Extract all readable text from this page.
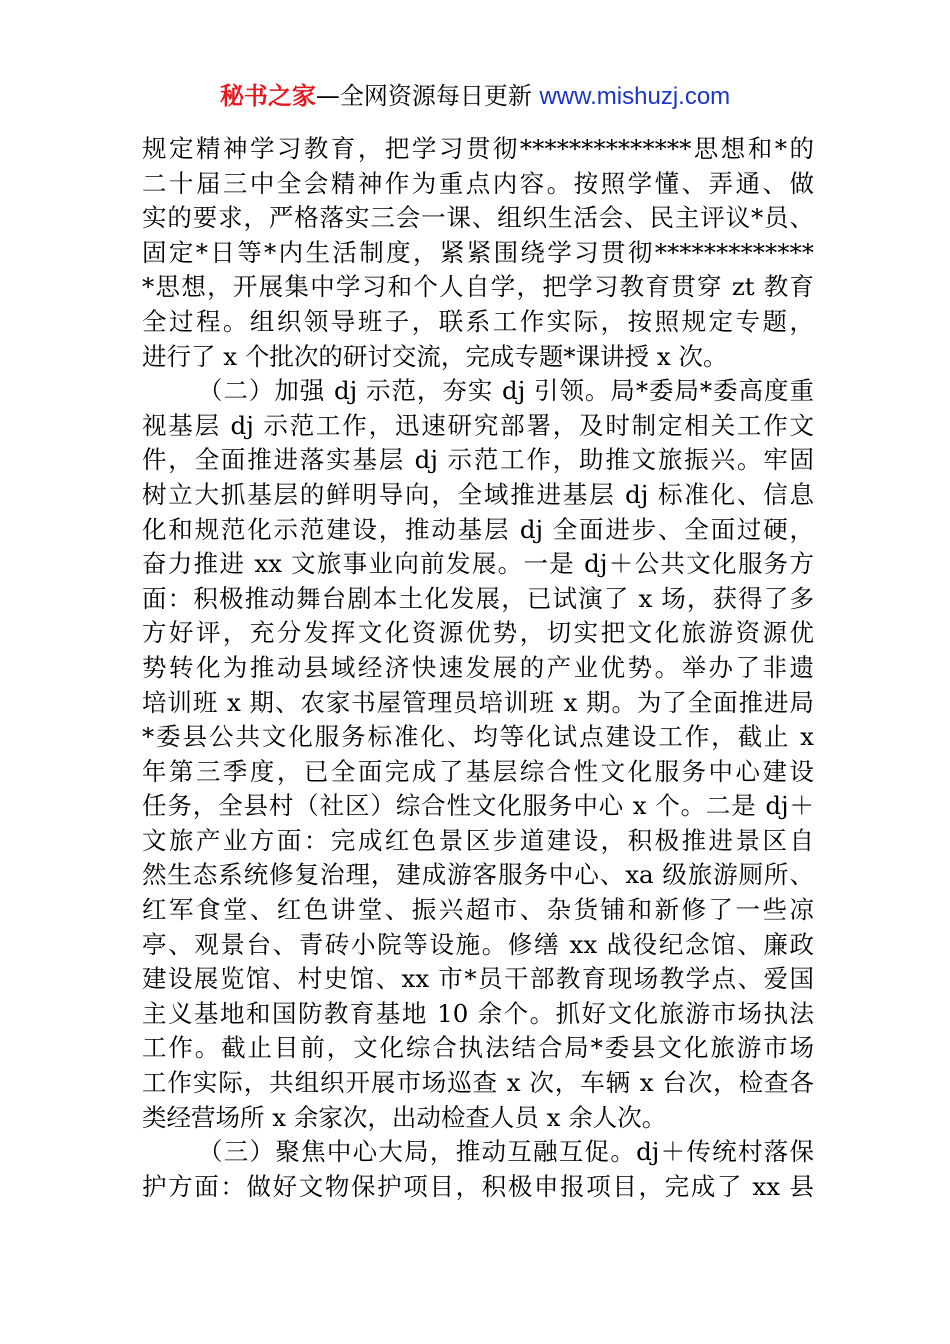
秘书之家—全网资源每日更新 www.mishuzj.com
规定精神学习教育，把学习贯彻**************思想和*的
二十届三中全会精神作为重点内容。按照学懂、弄通、做
实的要求，严格落实三会一课、组织生活会、民主评议*员、
固定*日等*内生活制度，紧紧围绕学习贯彻*************
*思想，开展集中学习和个人自学，把学习教育贯穿 zt 教育
全过程。组织领导班子，联系工作实际，按照规定专题，
进行了 x 个批次的研讨交流，完成专题*课讲授 x 次。
（二）加强 dj 示范，夯实 dj 引领。局*委局*委高度重
视基层 dj 示范工作，迅速研究部署，及时制定相关工作文
件，全面推进落实基层 dj 示范工作，助推文旅振兴。牢固
树立大抓基层的鲜明导向，全域推进基层 dj 标准化、信息
化和规范化示范建设，推动基层 dj 全面进步、全面过硬，
奋力推进 xx 文旅事业向前发展。一是 dj＋公共文化服务方
面：积极推动舞台剧本土化发展，已试演了 x 场，获得了多
方好评，充分发挥文化资源优势，切实把文化旅游资源优
势转化为推动县域经济快速发展的产业优势。举办了非遗
培训班 x 期、农家书屋管理员培训班 x 期。为了全面推进局
*委县公共文化服务标准化、均等化试点建设工作，截止 x
年第三季度，已全面完成了基层综合性文化服务中心建设
任务，全县村（社区）综合性文化服务中心 x 个。二是 dj＋
文旅产业方面：完成红色景区步道建设，积极推进景区自
然生态系统修复治理，建成游客服务中心、xa 级旅游厕所、
红军食堂、红色讲堂、振兴超市、杂货铺和新修了一些凉
亭、观景台、青砖小院等设施。修缮 xx 战役纪念馆、廉政
建设展览馆、村史馆、xx 市*员干部教育现场教学点、爱国
主义基地和国防教育基地 10 余个。抓好文化旅游市场执法
工作。截止目前，文化综合执法结合局*委县文化旅游市场
工作实际，共组织开展市场巡查 x 次，车辆 x 台次，检查各
类经营场所 x 余家次，出动检查人员 x 余人次。
（三）聚焦中心大局，推动互融互促。dj＋传统村落保
护方面：做好文物保护项目，积极申报项目，完成了 xx 县
